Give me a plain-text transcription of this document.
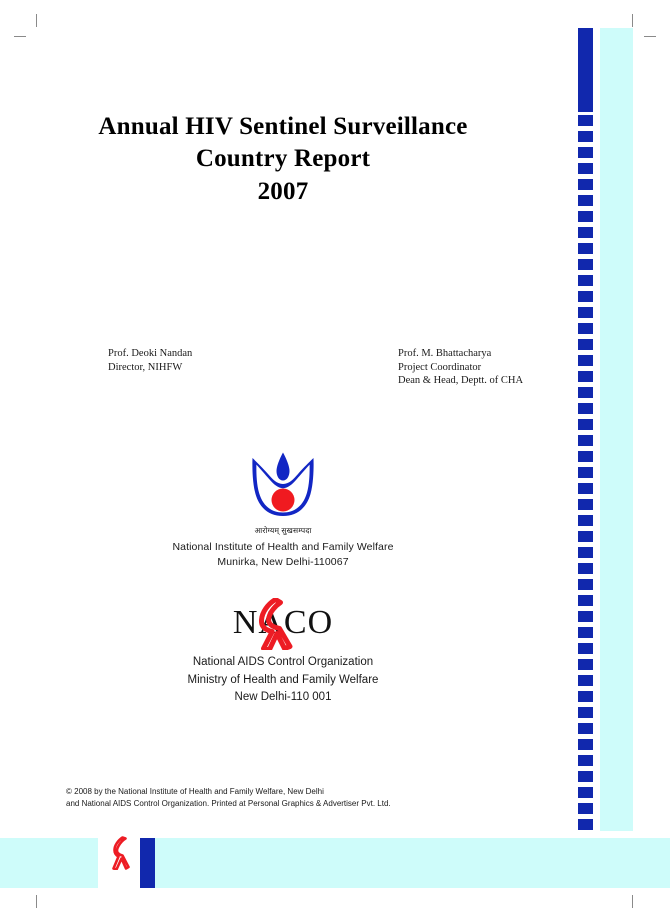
Annual HIV Sentinel Surveillance
Country Report
2007
Prof. Deoki Nandan
Director, NIHFW
Prof. M. Bhattacharya
Project Coordinator
Dean & Head, Deptt. of CHA
आरोग्यम् सुखसम्पदा
National Institute of Health and Family Welfare
Munirka, New Delhi-110067
NACO
National AIDS Control Organization
Ministry of Health and Family Welfare
New Delhi-110 001
© 2008 by the National Institute of Health and Family Welfare, New Delhi
and National AIDS Control Organization. Printed at Personal Graphics & Advertiser Pvt. Ltd.
